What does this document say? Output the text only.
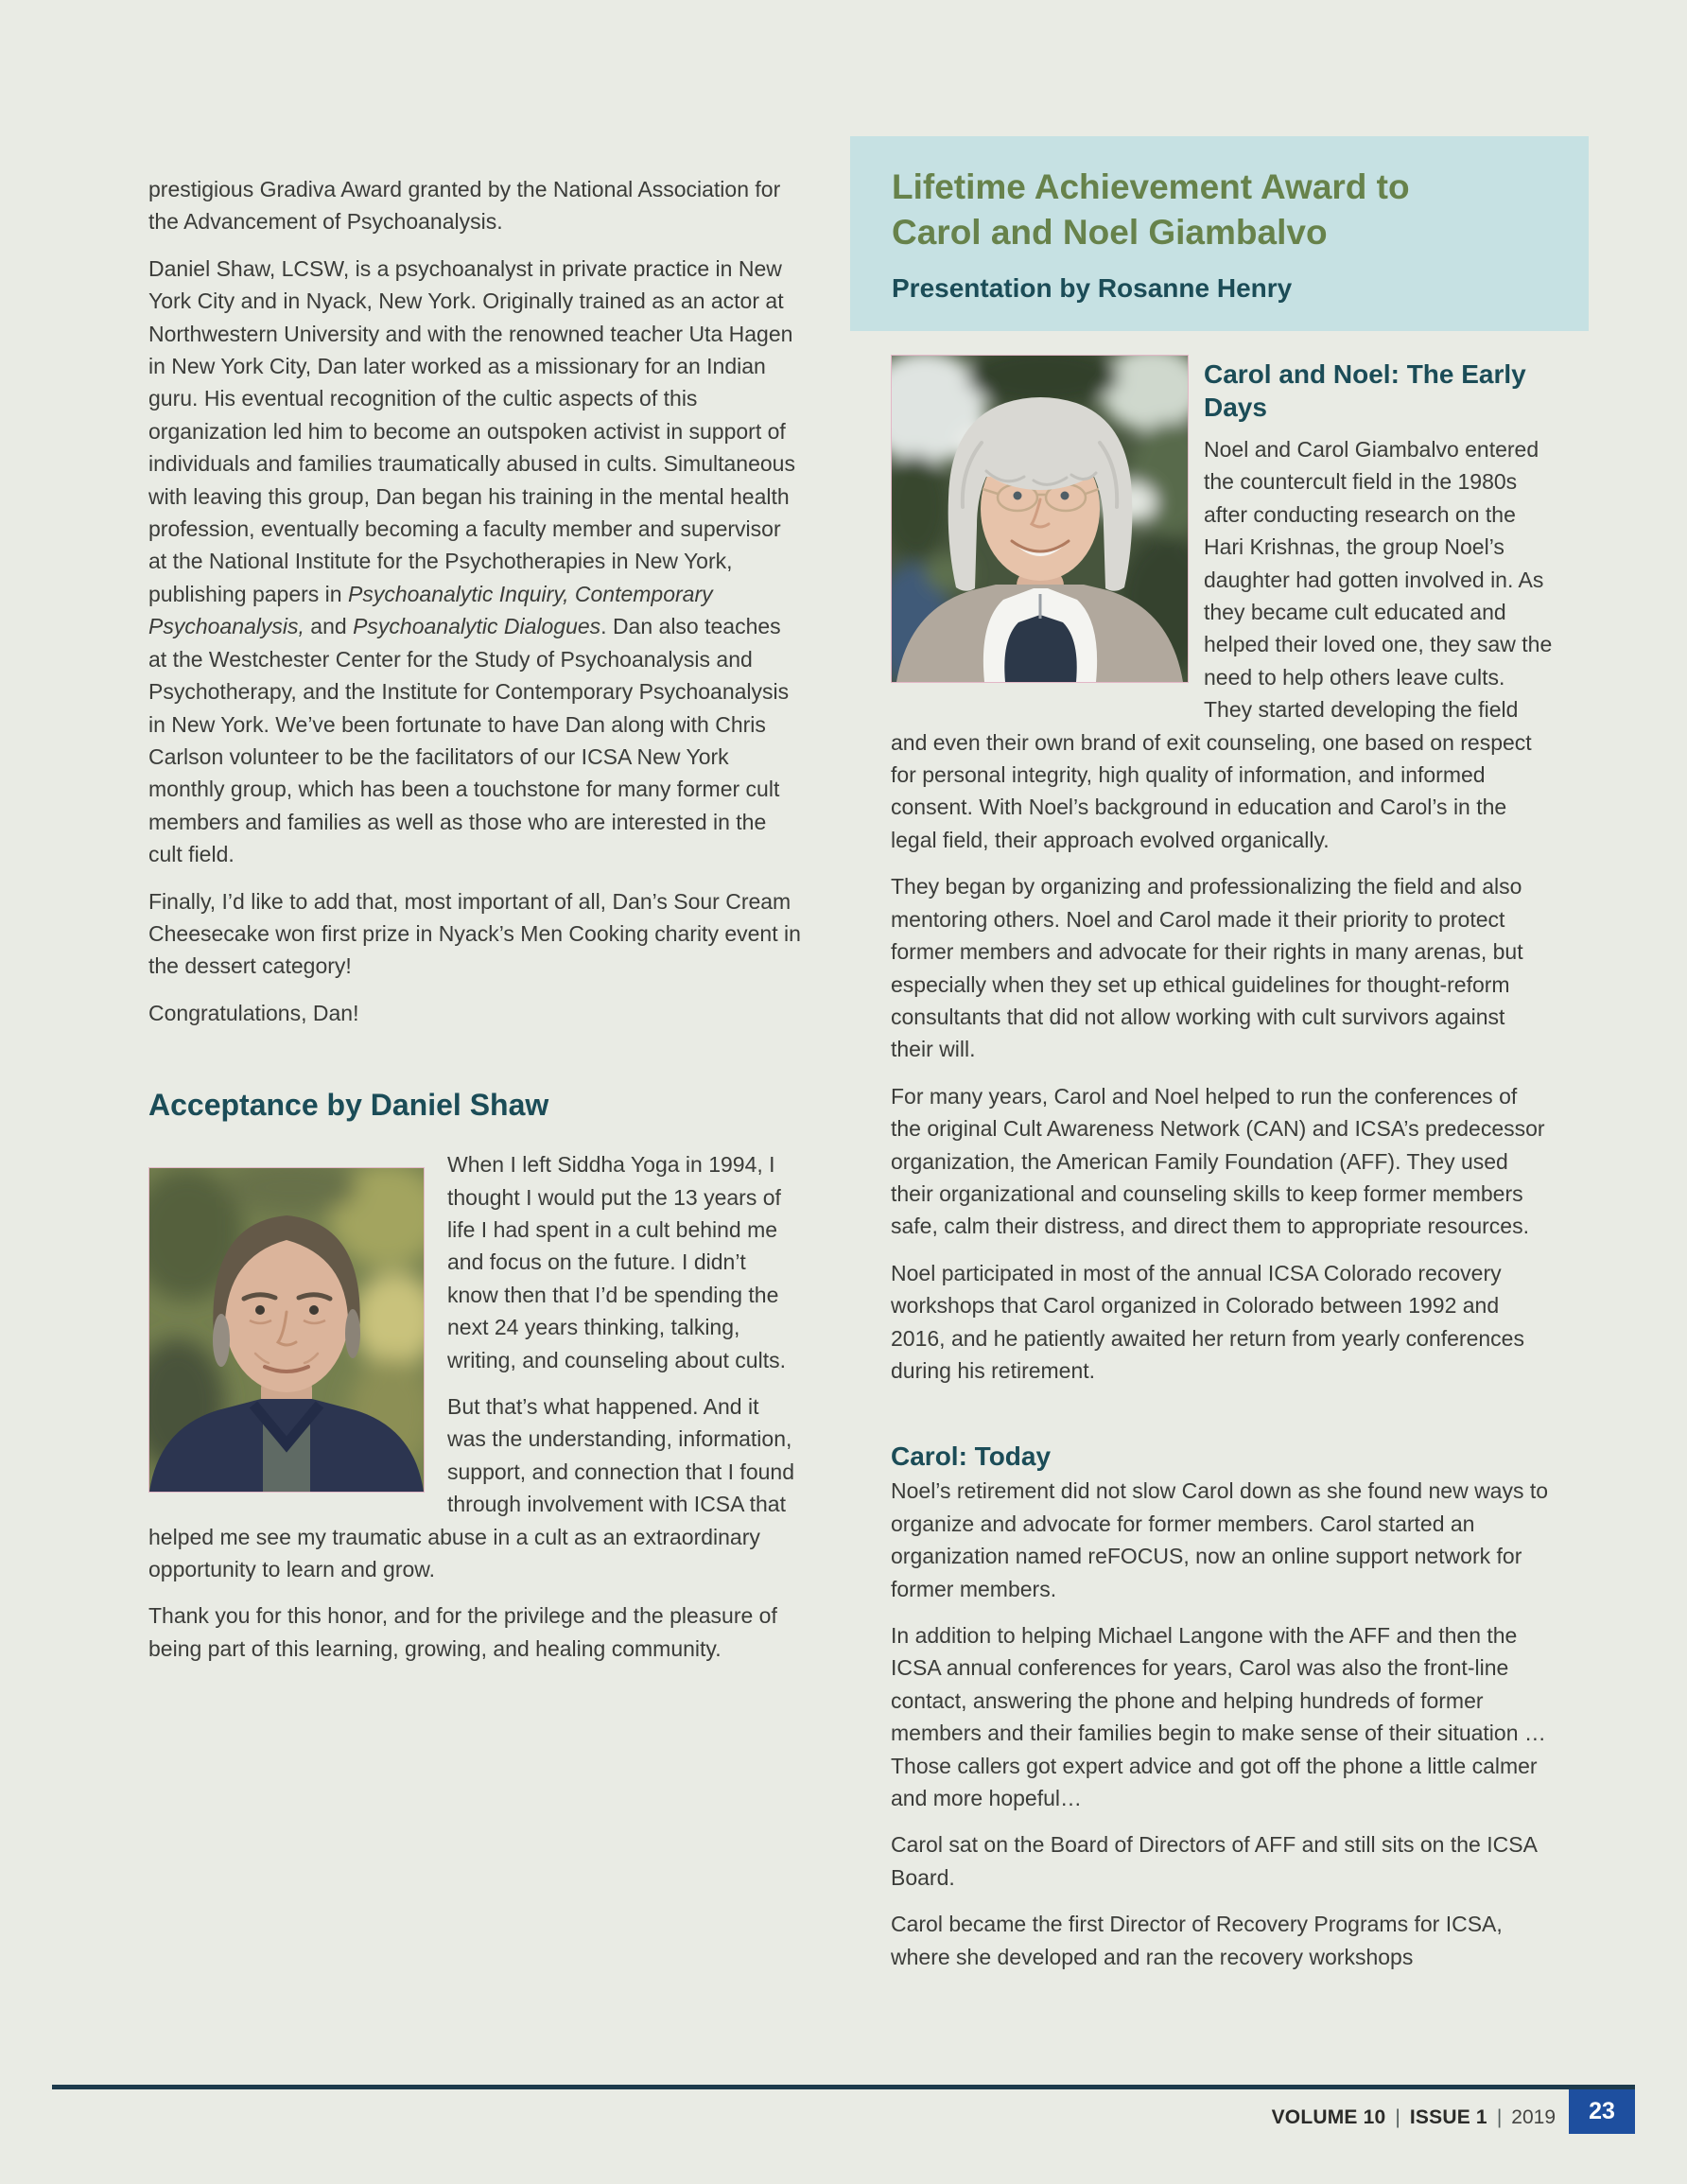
prestigious Gradiva Award granted by the National Association for the Advancement of Psychoanalysis.

Daniel Shaw, LCSW, is a psychoanalyst in private practice in New York City and in Nyack, New York. Originally trained as an actor at Northwestern University and with the renowned teacher Uta Hagen in New York City, Dan later worked as a missionary for an Indian guru. His eventual recognition of the cultic aspects of this organization led him to become an outspoken activist in support of individuals and families traumatically abused in cults. Simultaneous with leaving this group, Dan began his training in the mental health profession, eventually becoming a faculty member and supervisor at the National Institute for the Psychotherapies in New York, publishing papers in Psychoanalytic Inquiry, Contemporary Psychoanalysis, and Psychoanalytic Dialogues. Dan also teaches at the Westchester Center for the Study of Psychoanalysis and Psychotherapy, and the Institute for Contemporary Psychoanalysis in New York. We’ve been fortunate to have Dan along with Chris Carlson volunteer to be the facilitators of our ICSA New York monthly group, which has been a touchstone for many former cult members and families as well as those who are interested in the cult field.

Finally, I’d like to add that, most important of all, Dan’s Sour Cream Cheesecake won first prize in Nyack’s Men Cooking charity event in the dessert category!

Congratulations, Dan!

Acceptance by Daniel Shaw

When I left Siddha Yoga in 1994, I thought I would put the 13 years of life I had spent in a cult behind me and focus on the future. I didn’t know then that I’d be spending the next 24 years thinking, talking, writing, and counseling about cults.

But that’s what happened. And it was the understanding, information, support, and connection that I found through involvement with ICSA that helped me see my traumatic abuse in a cult as an extraordinary opportunity to learn and grow.

Thank you for this honor, and for the privilege and the pleasure of being part of this learning, growing, and healing community.

Lifetime Achievement Award to
Carol and Noel Giambalvo
Presentation by Rosanne Henry
Carol and Noel: The Early Days

Noel and Carol Giambalvo entered the countercult field in the 1980s after conducting research on the Hari Krishnas, the group Noel’s daughter had gotten involved in. As they became cult educated and helped their loved one, they saw the need to help others leave cults. They started developing the field and even their own brand of exit counseling, one based on respect for personal integrity, high quality of information, and informed consent. With Noel’s background in education and Carol’s in the legal field, their approach evolved organically.

They began by organizing and professionalizing the field and also mentoring others. Noel and Carol made it their priority to protect former members and advocate for their rights in many arenas, but especially when they set up ethical guidelines for thought-reform consultants that did not allow working with cult survivors against their will.

For many years, Carol and Noel helped to run the conferences of the original Cult Awareness Network (CAN) and ICSA’s predecessor organization, the American Family Foundation (AFF). They used their organizational and counseling skills to keep former members safe, calm their distress, and direct them to appropriate resources.

Noel participated in most of the annual ICSA Colorado recovery workshops that Carol organized in Colorado between 1992 and 2016, and he patiently awaited her return from yearly conferences during his retirement.

Carol: Today

Noel’s retirement did not slow Carol down as she found new ways to organize and advocate for former members. Carol started an organization named reFOCUS, now an online support network for former members.

In addition to helping Michael Langone with the AFF and then the ICSA annual conferences for years, Carol was also the front-line contact, answering the phone and helping hundreds of former members and their families begin to make sense of their situation …Those callers got expert advice and got off the phone a little calmer and more hopeful…

Carol sat on the Board of Directors of AFF and still sits on the ICSA Board.

Carol became the first Director of Recovery Programs for ICSA, where she developed and ran the recovery workshops

VOLUME 10 | ISSUE 1 | 2019	23
